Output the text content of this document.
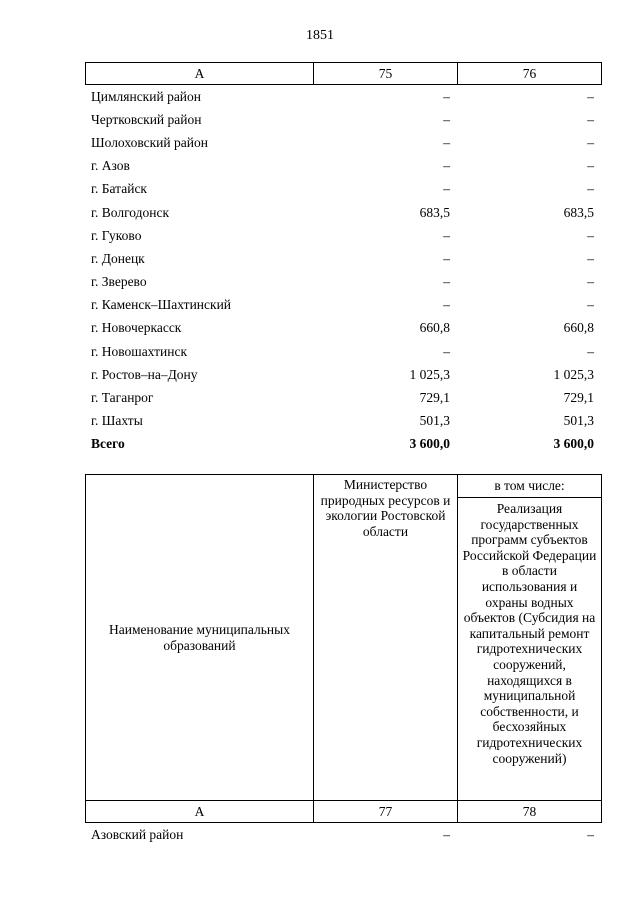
1851
А	75	76
Цимлянский район	–	–
Чертковский район	–	–
Шолоховский район	–	–
г. Азов	–	–
г. Батайск	–	–
г. Волгодонск	683,5	683,5
г. Гуково	–	–
г. Донецк	–	–
г. Зверево	–	–
г. Каменск–Шахтинский	–	–
г. Новочеркасск	660,8	660,8
г. Новошахтинск	–	–
г. Ростов–на–Дону	1 025,3	1 025,3
г. Таганрог	729,1	729,1
г. Шахты	501,3	501,3
Всего	3 600,0	3 600,0
Наименование муниципальных образований	Министерство природных ресурсов и экологии Ростовской области	в том числе:
		Реализация государственных программ субъектов Российской Федерации в области использования и охраны водных объектов (Субсидия на капитальный ремонт гидротехнических сооружений, находящихся в муниципальной собственности, и бесхозяйных гидротехнических сооружений)
А	77	78
Азовский район	–	–
